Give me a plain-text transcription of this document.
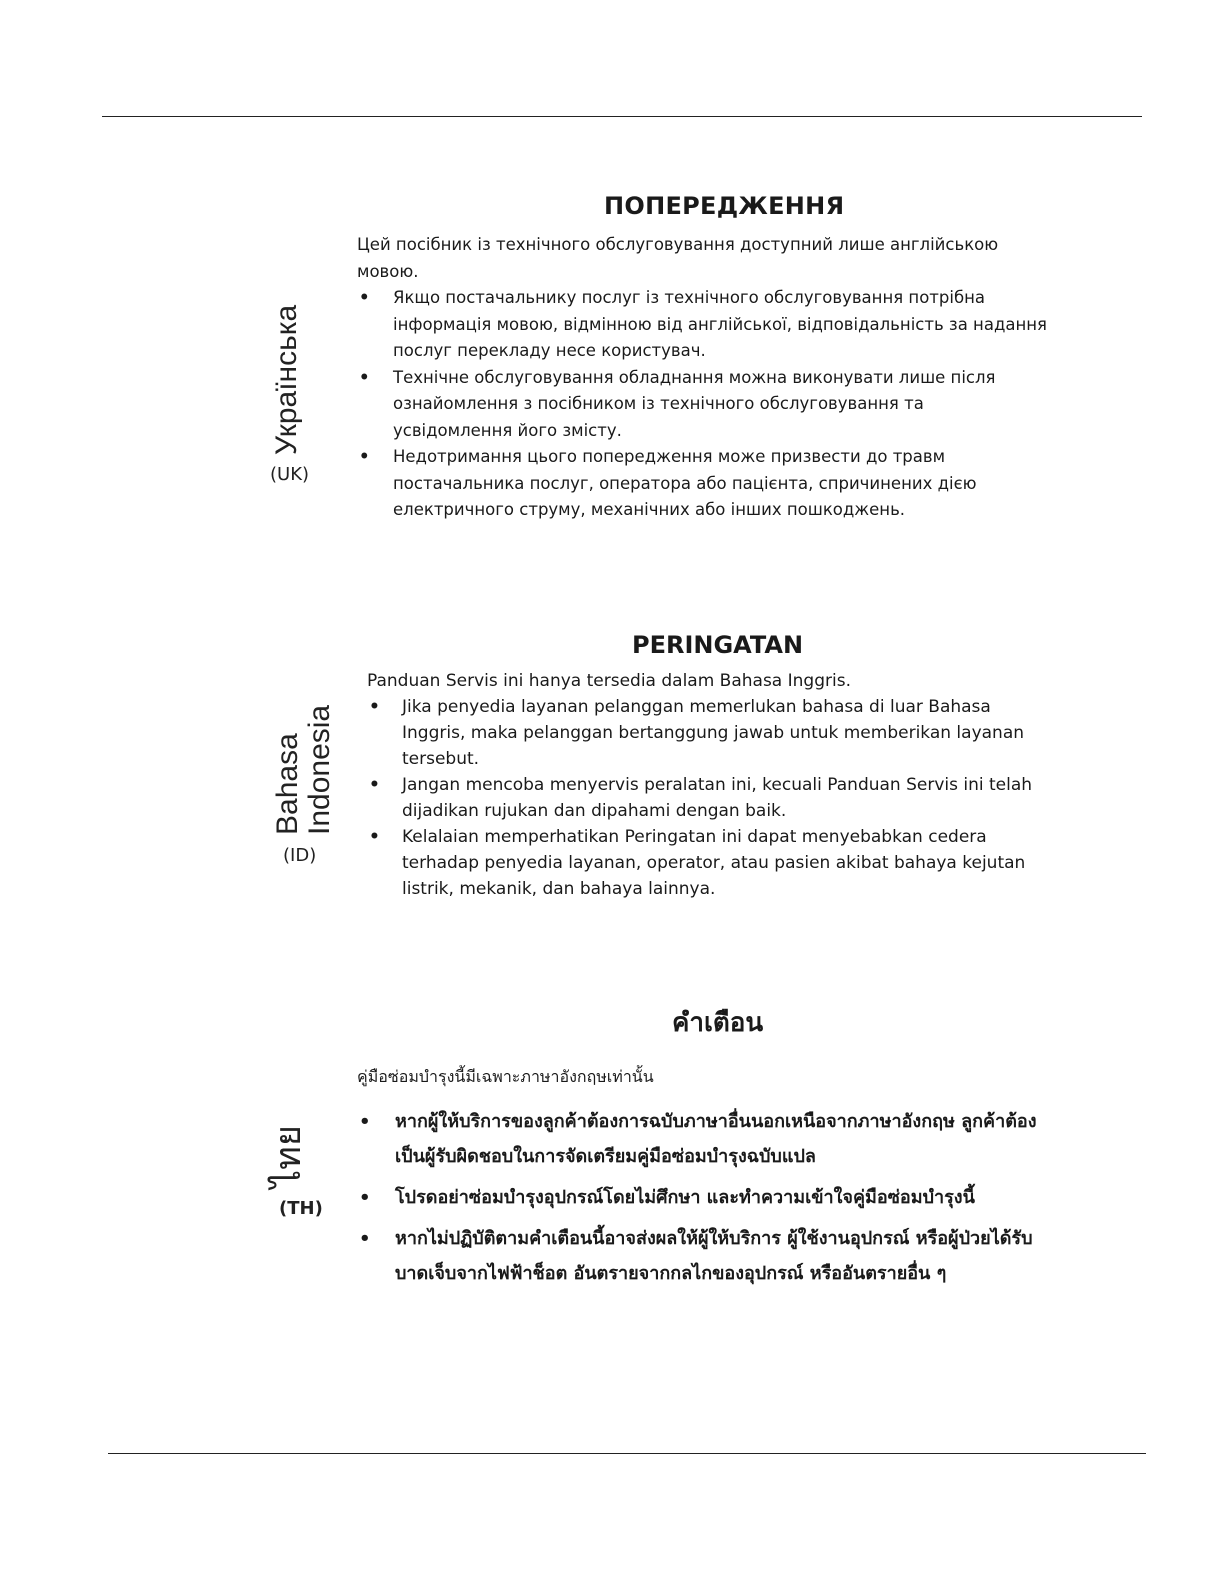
Українська
(UK)
ПОПЕРЕДЖЕННЯ

Цей посібник із технічного обслуговування доступний лише англійською мовою.

• Якщо постачальнику послуг із технічного обслуговування потрібна інформація мовою, відмінною від англійської, відповідальність за надання послуг перекладу несе користувач.
• Технічне обслуговування обладнання можна виконувати лише після ознайомлення з посібником із технічного обслуговування та усвідомлення його змісту.
• Недотримання цього попередження може призвести до травм постачальника послуг, оператора або пацієнта, спричинених дією електричного струму, механічних або інших пошкоджень.
Bahasa
Indonesia
(ID)
PERINGATAN

Panduan Servis ini hanya tersedia dalam Bahasa Inggris.

• Jika penyedia layanan pelanggan memerlukan bahasa di luar Bahasa Inggris, maka pelanggan bertanggung jawab untuk memberikan layanan tersebut.
• Jangan mencoba menyervis peralatan ini, kecuali Panduan Servis ini telah dijadikan rujukan dan dipahami dengan baik.
• Kelalaian memperhatikan Peringatan ini dapat menyebabkan cedera terhadap penyedia layanan, operator, atau pasien akibat bahaya kejutan listrik, mekanik, dan bahaya lainnya.
ไทย
(TH)
คำเตือน

คู่มือซ่อมบำรุงนี้มีเฉพาะภาษาอังกฤษเท่านั้น

• หากผู้ให้บริการของลูกค้าต้องการฉบับภาษาอื่นนอกเหนือจากภาษาอังกฤษ ลูกค้าต้องเป็นผู้รับผิดชอบในการจัดเตรียมคู่มือซ่อมบำรุงฉบับแปล
• โปรดอย่าซ่อมบำรุงอุปกรณ์โดยไม่ศึกษา และทำความเข้าใจคู่มือซ่อมบำรุงนี้
• หากไม่ปฏิบัติตามคำเตือนนี้อาจส่งผลให้ผู้ให้บริการ ผู้ใช้งานอุปกรณ์ หรือผู้ป่วยได้รับบาดเจ็บจากไฟฟ้าช็อต อันตรายจากกลไกของอุปกรณ์ หรืออันตรายอื่น ๆ
